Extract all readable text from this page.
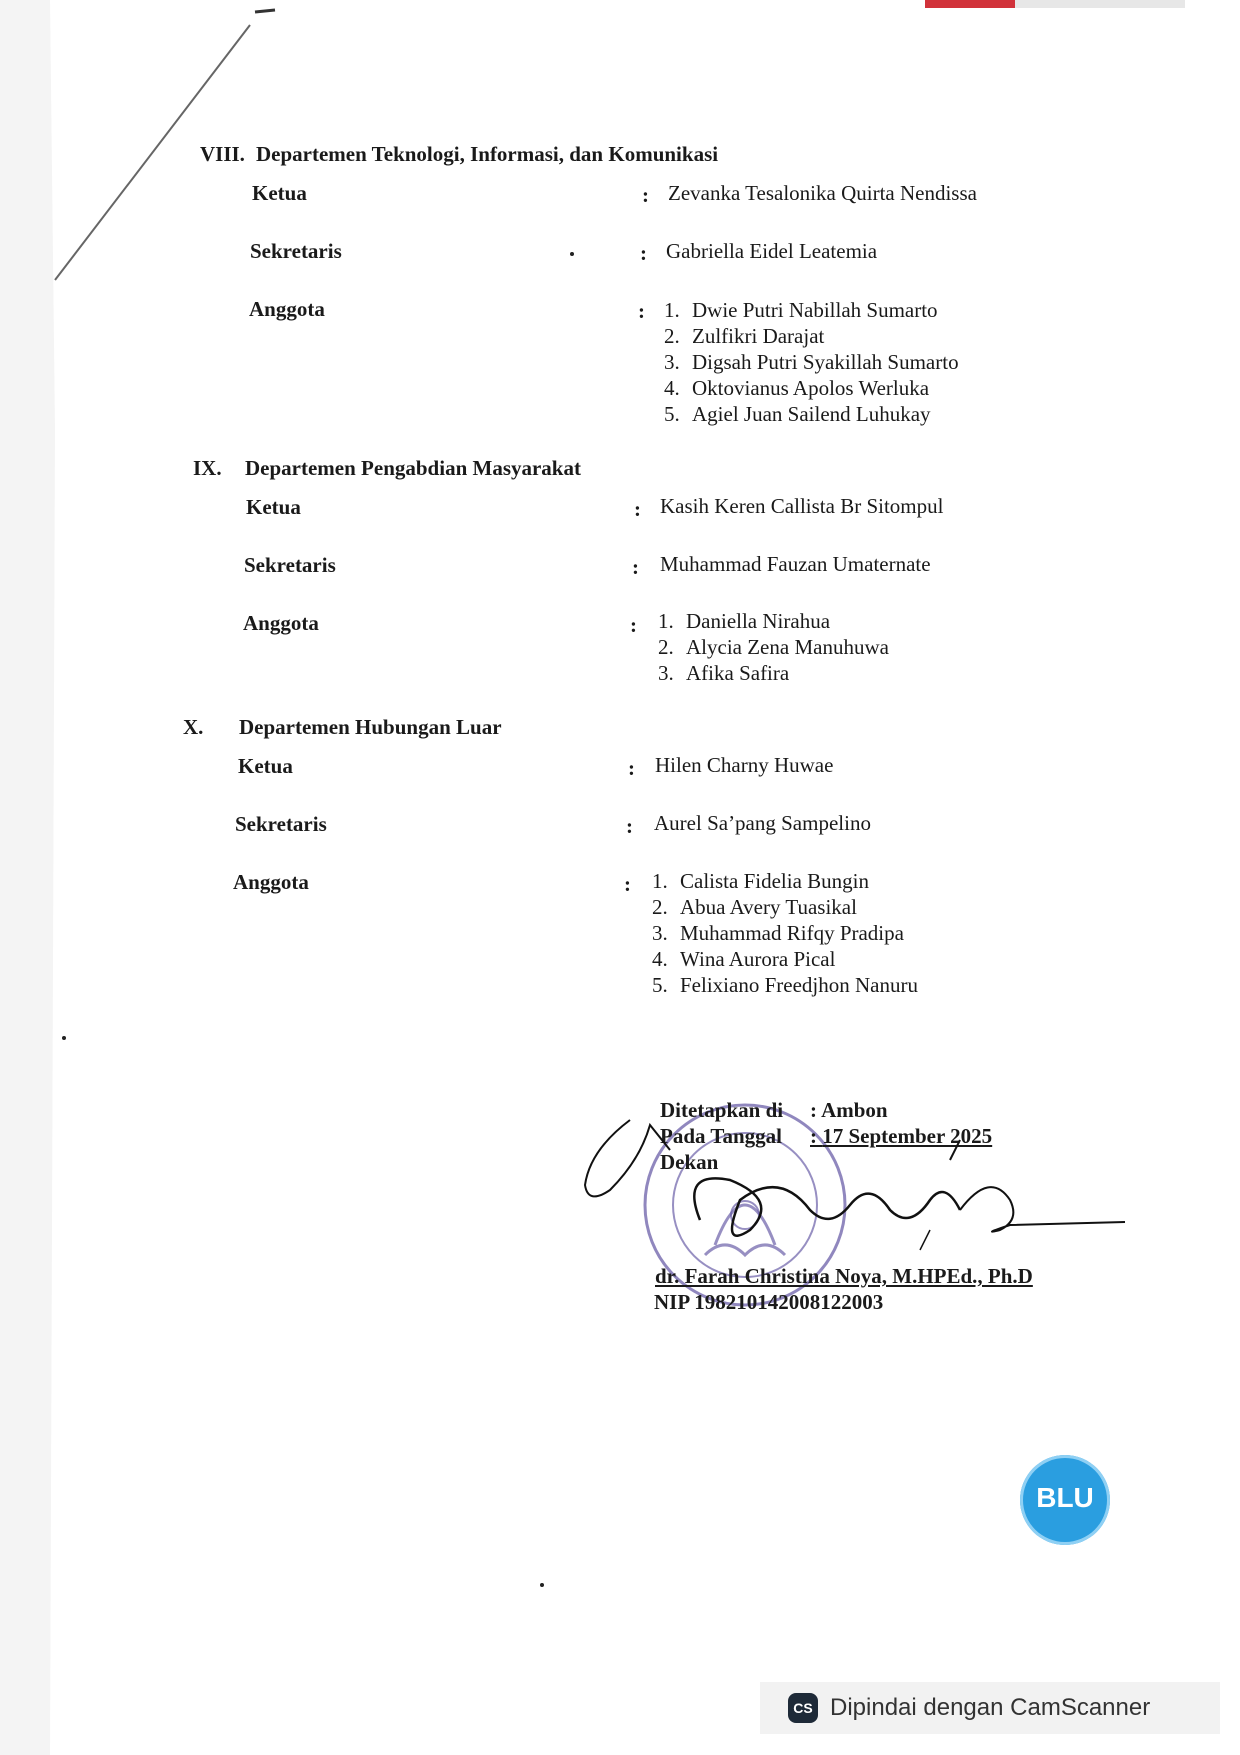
VIII. Departemen Teknologi, Informasi, dan Komunikasi
Ketua	: Zevanka Tesalonika Quirta Nendissa
Sekretaris	: Gabriella Eidel Leatemia
Anggota	: 1. Dwie Putri Nabillah Sumarto
2. Zulfikri Darajat
3. Digsah Putri Syakillah Sumarto
4. Oktovianus Apolos Werluka
5. Agiel Juan Sailend Luhukay
IX. Departemen Pengabdian Masyarakat
Ketua	: Kasih Keren Callista Br Sitompul
Sekretaris	: Muhammad Fauzan Umaternate
Anggota	: 1. Daniella Nirahua
2. Alycia Zena Manuhuwa
3. Afika Safira
X. Departemen Hubungan Luar
Ketua	: Hilen Charny Huwae
Sekretaris	: Aurel Sa’pang Sampelino
Anggota	: 1. Calista Fidelia Bungin
2. Abua Avery Tuasikal
3. Muhammad Rifqy Pradipa
4. Wina Aurora Pical
5. Felixiano Freedjhon Nanuru
Ditetapkan di : Ambon
Pada Tanggal : 17 September 2025
Dekan
dr. Farah Christina Noya, M.HPEd., Ph.D
NIP 198210142008122003
BLU
CS Dipindai dengan CamScanner
